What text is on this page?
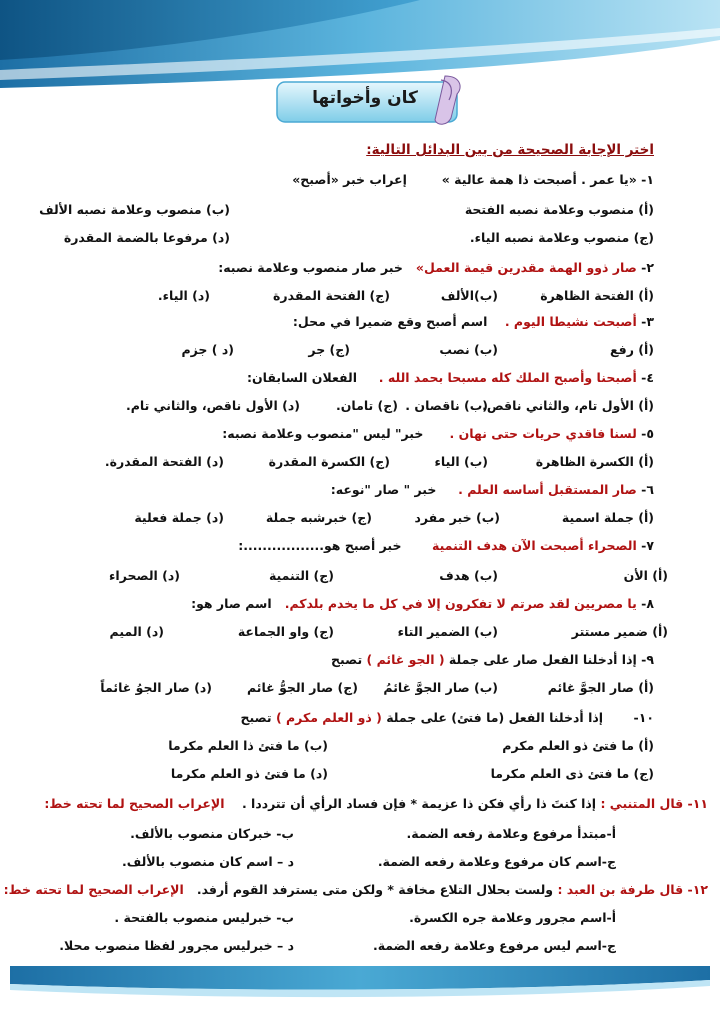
كان وأخواتها
اختر الإجابة الصحيحة من بين البدائل التالية:
١- «يا عمر . أصبحت ذا همة عالية »        إعراب خبر «أصبح»
(أ) منصوب وعلامة نصبه الفتحة
(ب) منصوب وعلامة نصبه الألف
(ج) منصوب وعلامة نصبه الياء.
(د) مرفوعا بالضمة المقدرة
٢- صار ذوو الهمة مقدرين قيمة العمل»   خبر صار منصوب وعلامة نصبه:
(أ) الفتحة الظاهرة
(ب)الألف
(ج) الفتحة المقدرة
(د) الياء.
٣- أصبحت نشيطا اليوم .    اسم أصبح وقع ضميرا في محل:
(أ) رفع
(ب) نصب
(ج) جر
(د ) جزم
٤- أصبحنا وأصبح الملك كله مسبحا بحمد الله .     الفعلان السابقان:
(أ) الأول تام، والثاني ناقص.
(ب) ناقصان .
(ج) تامان.
(د) الأول ناقص، والثاني تام.
٥- لسنا فاقدي حريات حتى نهان .      خبر" ليس "منصوب وعلامة نصبه:
(أ) الكسرة الظاهرة
(ب) الياء
(ج) الكسرة المقدرة
(د) الفتحة المقدرة.
٦- صار المستقبل أساسه العلم .     خبر " صار "نوعه:
(أ) جملة اسمية
(ب) خبر مفرد
(ج) خبرشبه جملة
(د) جملة فعلية
٧- الصحراء أصبحت الآن هدف التنمية       خبر أصبح هو.................:
(أ) الأن
(ب) هدف
(ج) التنمية
(د) الصحراء
٨- يا مصريين لقد صرتم لا تفكرون إلا في كل ما يخدم بلدكم.   اسم صار هو:
(أ) ضمير مستتر
(ب) الضمير التاء
(ج) واو الجماعة
(د) الميم
٩- إذا أدخلنا الفعل صار على جملة ( الجو غائم ) تصبح
(أ) صار الجوَّ غائم
(ب) صار الجوَّ غائمُ
(ج) صار الجوُّ غائم
(د) صار الجوُ غائماً
١٠-       إذا أدخلنا الفعل (ما فتئ) على جملة ( ذو العلم مكرم ) تصبح
(أ) ما فتئ ذو العلم مكرم
(ب) ما فتئ ذا العلم مكرما
(ج) ما فتئ ذى العلم مكرما
(د) ما فتئ ذو العلم مكرما
١١- قال المتنبي : إذا كنتَ ذا رأي فكن ذا عزيمة * فإن فساد الرأي أن تترددا .    الإعراب الصحيح لما تحته خط:
أ-مبتدأ مرفوع وعلامة رفعه الضمة.
ب- خبركان منصوب بالألف.
ج-اسم كان مرفوع وعلامة رفعه الضمة.
د – اسم كان منصوب بالألف.
١٢- قال طرفة بن العبد : ولست بحلال التلاع مخافة * ولكن متى يسترفد القوم أرفد.   الإعراب الصحيح لما تحته خط:
أ-اسم مجرور وعلامة جره الكسرة.
ب- خبرليس منصوب بالفتحة .
ج-اسم ليس مرفوع وعلامة رفعه الضمة.
د – خبرليس مجرور لفظا منصوب محلا.
